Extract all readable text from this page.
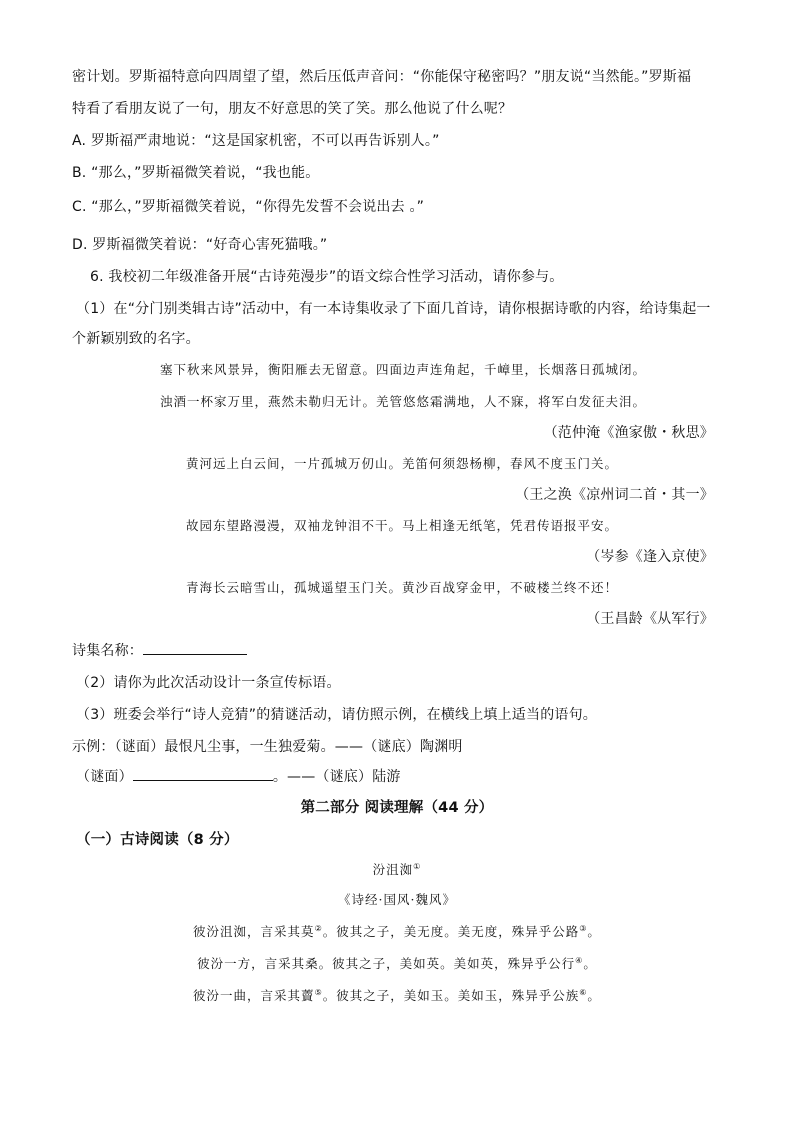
密计划。罗斯福特意向四周望了望，然后压低声音问：“你能保守秘密吗？”朋友说“当然能。”罗斯福
特看了看朋友说了一句，朋友不好意思的笑了笑。那么他说了什么呢？
A. 罗斯福严肃地说：“这是国家机密，不可以再告诉别人。”
B. “那么，”罗斯福微笑着说，“我也能。
C. “那么，”罗斯福微笑着说，“你得先发誓不会说出去 。”
D. 罗斯福微笑着说：“好奇心害死猫哦。”
6. 我校初二年级准备开展“古诗苑漫步”的语文综合性学习活动，请你参与。
（1）在“分门别类辑古诗”活动中，有一本诗集收录了下面几首诗，请你根据诗歌的内容，给诗集起一
个新颖别致的名字。
塞下秋来风景异，衡阳雁去无留意。四面边声连角起，千嶂里，长烟落日孤城闭。
浊酒一杯家万里，燕然未勒归无计。羌管悠悠霜满地，人不寐，将军白发征夫泪。
（范仲淹《渔家傲・秋思》
黄河远上白云间，一片孤城万仞山。羌笛何须怨杨柳，春风不度玉门关。
（王之涣《凉州词二首・其一》
故园东望路漫漫，双袖龙钟泪不干。马上相逢无纸笔，凭君传语报平安。
（岑参《逢入京使》
青海长云暗雪山，孤城遥望玉门关。黄沙百战穿金甲，不破楼兰终不还！
（王昌龄《从军行》
诗集名称：
（2）请你为此次活动设计一条宣传标语。
（3）班委会举行“诗人竞猜”的猜谜活动，请仿照示例，在横线上填上适当的语句。
示例：（谜面）最恨凡尘事，一生独爱菊。——（谜底）陶渊明
（谜面）	。——（谜底）陆游
第二部分 阅读理解（44 分）
（一）古诗阅读（8 分）
汾沮洳①
《诗经·国风·魏风》
彼汾沮洳，言采其莫②。彼其之子，美无度。美无度，殊异乎公路③。
彼汾一方，言采其桑。彼其之子，美如英。美如英，殊异乎公行④。
彼汾一曲，言采其藚⑤。彼其之子，美如玉。美如玉，殊异乎公族⑥。
